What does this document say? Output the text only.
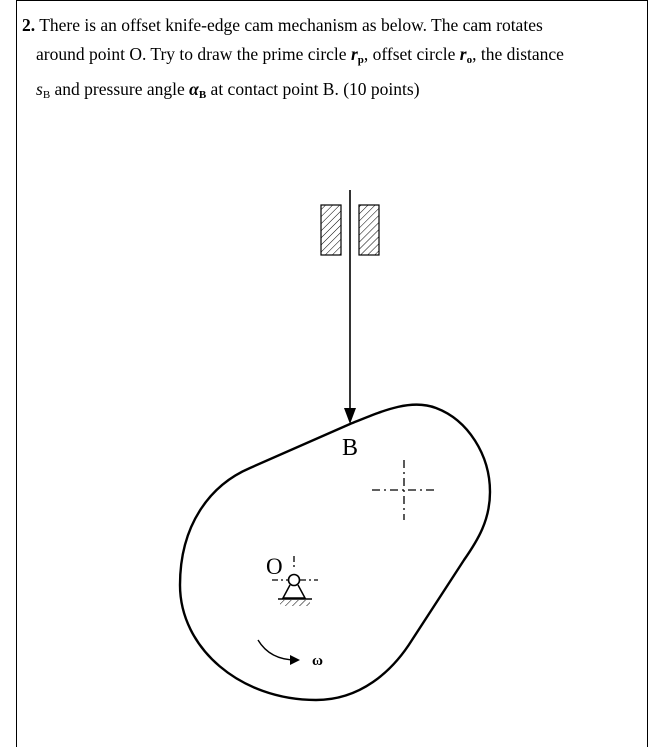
2. There is an offset knife-edge cam mechanism as below. The cam rotates
around point O. Try to draw the prime circle $r_p$, offset circle $r_o$, the distance
$s_B$ and pressure angle $\alpha_B$ at contact point B. (10 points)
B
O
ω
